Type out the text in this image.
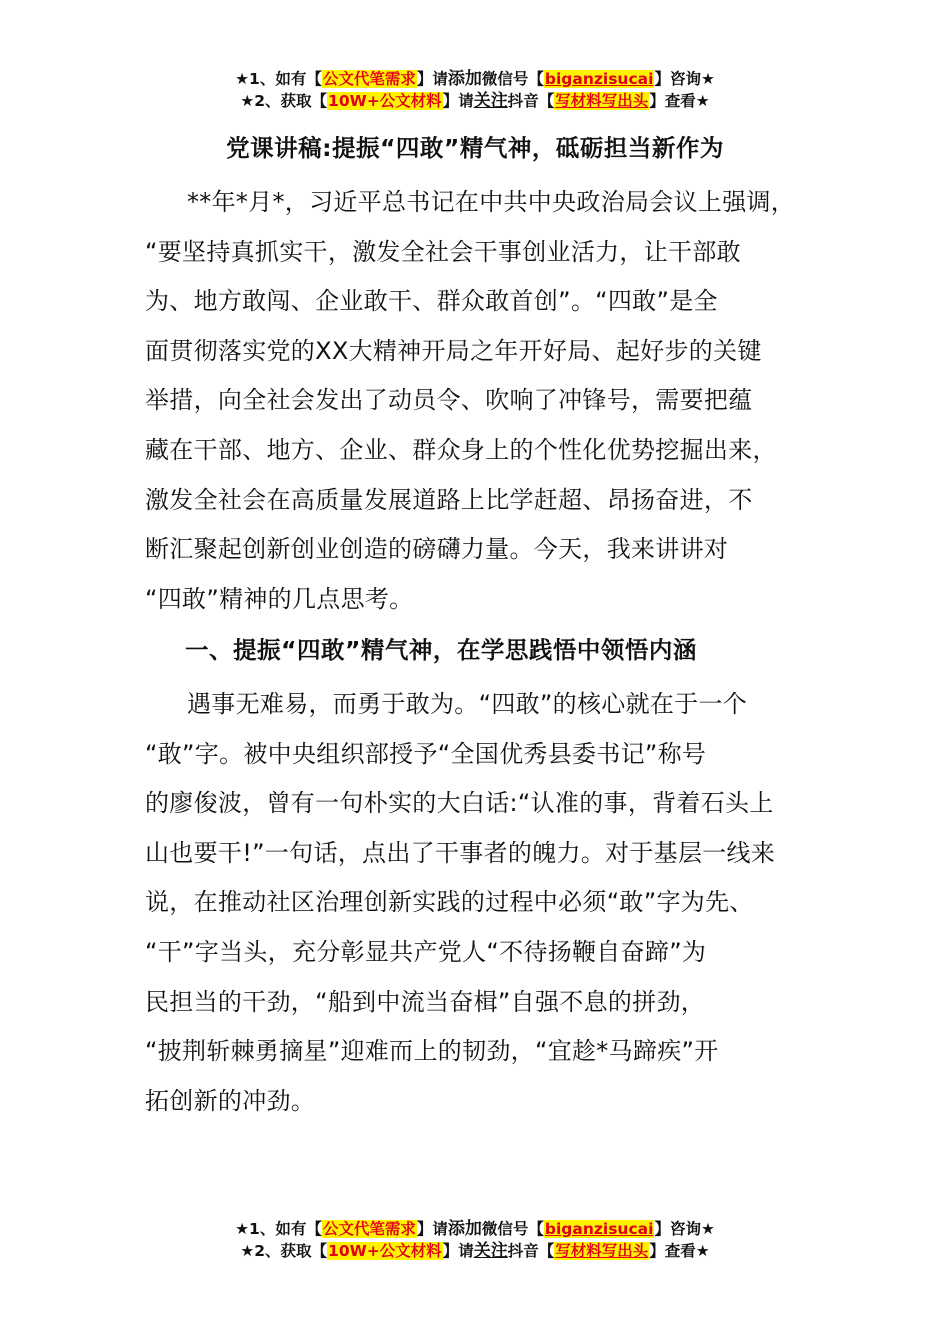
★1、如有【公文代笔需求】请添加微信号【biganzisucai】咨询★
★2、获取【10W+公文材料】请关注抖音【写材料写出头】查看★
党课讲稿:提振“四敢”精气神，砥砺担当新作为
**年*月*，习近平总书记在中共中央政治局会议上强调，
“要坚持真抓实干，激发全社会干事创业活力，让干部敢
为、地方敢闯、企业敢干、群众敢首创”。“四敢”是全
面贯彻落实党的XX大精神开局之年开好局、起好步的关键
举措，向全社会发出了动员令、吹响了冲锋号，需要把蕴
藏在干部、地方、企业、群众身上的个性化优势挖掘出来，
激发全社会在高质量发展道路上比学赶超、昂扬奋进，不
断汇聚起创新创业创造的磅礴力量。今天，我来讲讲对
“四敢”精神的几点思考。
一、提振“四敢”精气神，在学思践悟中领悟内涵
遇事无难易，而勇于敢为。“四敢”的核心就在于一个
“敢”字。被中央组织部授予“全国优秀县委书记”称号
的廖俊波，曾有一句朴实的大白话:“认准的事，背着石头上
山也要干!”一句话，点出了干事者的魄力。对于基层一线来
说，在推动社区治理创新实践的过程中必须“敢”字为先、
“干”字当头，充分彰显共产党人“不待扬鞭自奋蹄”为
民担当的干劲，“船到中流当奋楫”自强不息的拼劲，
“披荆斩棘勇摘星”迎难而上的韧劲，“宜趁*马蹄疾”开
拓创新的冲劲。
★1、如有【公文代笔需求】请添加微信号【biganzisucai】咨询★
★2、获取【10W+公文材料】请关注抖音【写材料写出头】查看★
